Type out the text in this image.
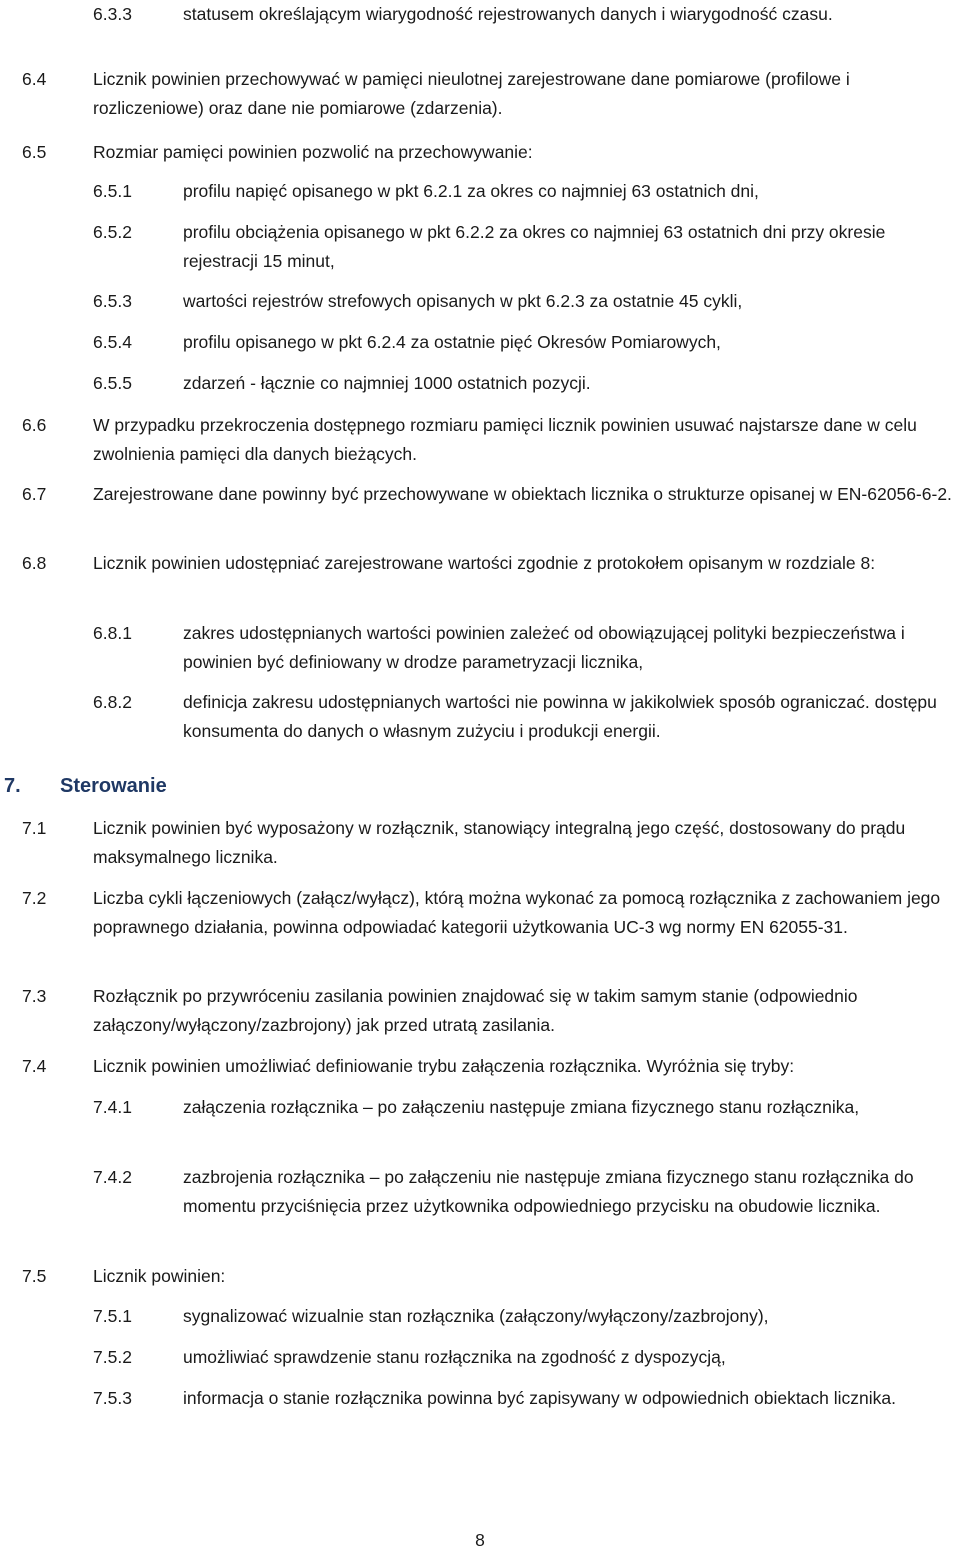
6.3.3	statusem określającym wiarygodność rejestrowanych danych i wiarygodność czasu.
6.4	Licznik powinien przechowywać w pamięci nieulotnej zarejestrowane dane pomiarowe (profilowe i rozliczeniowe) oraz dane nie pomiarowe (zdarzenia).
6.5	Rozmiar pamięci powinien pozwolić na przechowywanie:
6.5.1	profilu napięć opisanego w pkt 6.2.1 za okres co najmniej 63 ostatnich dni,
6.5.2	profilu obciążenia opisanego w pkt 6.2.2 za okres co najmniej 63 ostatnich dni przy okresie rejestracji 15 minut,
6.5.3	wartości rejestrów strefowych opisanych w pkt 6.2.3 za ostatnie 45 cykli,
6.5.4	profilu opisanego w pkt 6.2.4 za ostatnie pięć Okresów Pomiarowych,
6.5.5	zdarzeń - łącznie co najmniej 1000 ostatnich pozycji.
6.6	W przypadku przekroczenia dostępnego rozmiaru pamięci licznik powinien usuwać najstarsze dane w celu zwolnienia pamięci dla danych bieżących.
6.7	Zarejestrowane dane powinny być przechowywane w obiektach licznika o strukturze opisanej w EN-62056-6-2.
6.8	Licznik powinien udostępniać zarejestrowane wartości zgodnie z protokołem opisanym w rozdziale 8:
6.8.1	zakres udostępnianych wartości powinien zależeć od obowiązującej polityki bezpieczeństwa i powinien być definiowany w drodze parametryzacji licznika,
6.8.2	definicja zakresu udostępnianych wartości nie powinna w jakikolwiek sposób ograniczać. dostępu konsumenta do danych o własnym zużyciu i produkcji energii.
7. Sterowanie
7.1	Licznik powinien być wyposażony w rozłącznik, stanowiący integralną jego część, dostosowany do prądu maksymalnego licznika.
7.2	Liczba cykli łączeniowych (załącz/wyłącz), którą można wykonać za pomocą rozłącznika z zachowaniem jego poprawnego działania, powinna odpowiadać kategorii użytkowania UC-3 wg normy EN 62055-31.
7.3	Rozłącznik po przywróceniu zasilania powinien znajdować się w takim samym stanie (odpowiednio załączony/wyłączony/zazbrojony) jak przed utratą zasilania.
7.4	Licznik powinien umożliwiać definiowanie trybu załączenia rozłącznika. Wyróżnia się tryby:
7.4.1	załączenia rozłącznika – po załączeniu następuje zmiana fizycznego stanu rozłącznika,
7.4.2	zazbrojenia rozłącznika – po załączeniu nie następuje zmiana fizycznego stanu rozłącznika do momentu przyciśnięcia przez użytkownika odpowiedniego przycisku na obudowie licznika.
7.5	Licznik powinien:
7.5.1	sygnalizować wizualnie stan rozłącznika (załączony/wyłączony/zazbrojony),
7.5.2	umożliwiać sprawdzenie stanu rozłącznika na zgodność z dyspozycją,
7.5.3	informacja o stanie rozłącznika powinna być zapisywany w odpowiednich obiektach licznika.
8
